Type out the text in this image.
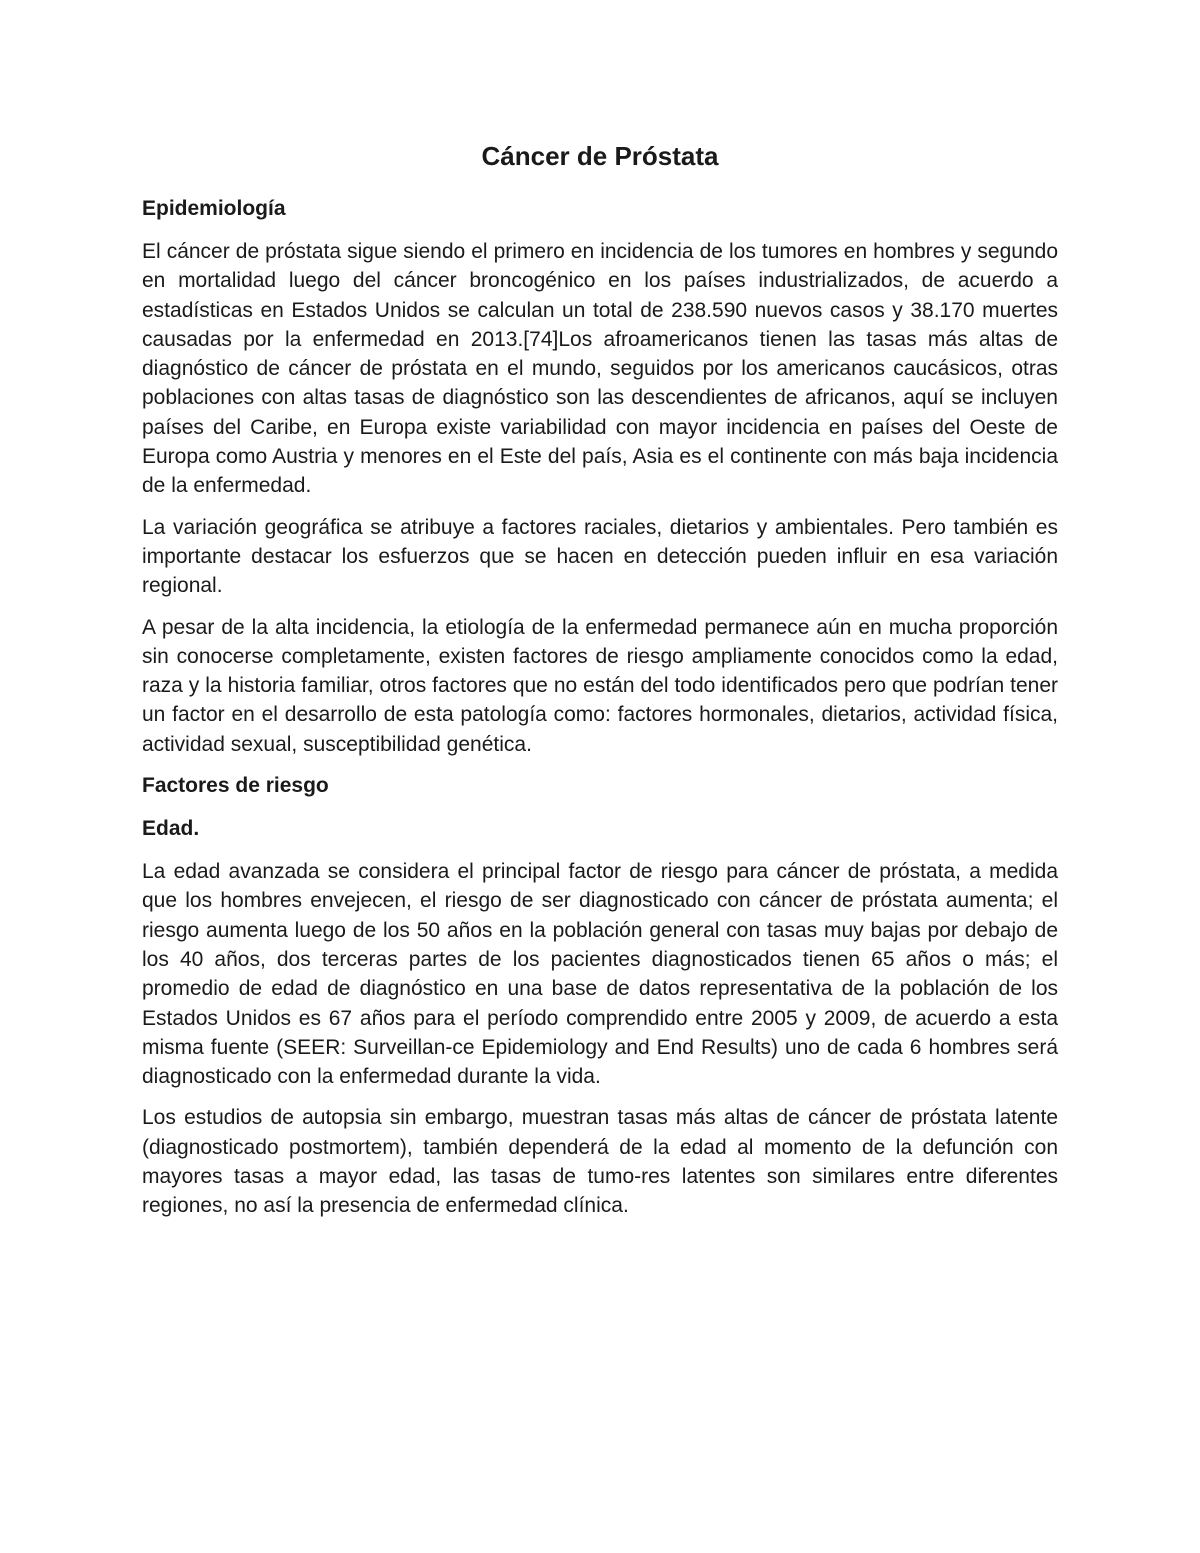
Cáncer de Próstata
Epidemiología
El cáncer de próstata sigue siendo el primero en incidencia de los tumores en hombres y segundo en mortalidad luego del cáncer broncogénico en los países industrializados, de acuerdo a estadísticas en Estados Unidos se calculan un total de 238.590 nuevos casos y 38.170 muertes causadas por la enfermedad en 2013.[74]Los afroamericanos tienen las tasas más altas de diagnóstico de cáncer de próstata en el mundo, seguidos por los americanos caucásicos, otras poblaciones con altas tasas de diagnóstico son las descendientes de africanos, aquí se incluyen países del Caribe, en Europa existe variabilidad con mayor incidencia en países del Oeste de Europa como Austria y menores en el Este del país, Asia es el continente con más baja incidencia de la enfermedad.
La variación geográfica se atribuye a factores raciales, dietarios y ambientales. Pero también es importante destacar los esfuerzos que se hacen en detección pueden influir en esa variación regional.
A pesar de la alta incidencia, la etiología de la enfermedad permanece aún en mucha proporción sin conocerse completamente, existen factores de riesgo ampliamente conocidos como la edad, raza y la historia familiar, otros factores que no están del todo identificados pero que podrían tener un factor en el desarrollo de esta patología como: factores hormonales, dietarios, actividad física, actividad sexual, susceptibilidad genética.
Factores de riesgo
Edad.
La edad avanzada se considera el principal factor de riesgo para cáncer de próstata, a medida que los hombres envejecen, el riesgo de ser diagnosticado con cáncer de próstata aumenta; el riesgo aumenta luego de los 50 años en la población general con tasas muy bajas por debajo de los 40 años, dos terceras partes de los pacientes diagnosticados tienen 65 años o más; el promedio de edad de diagnóstico en una base de datos representativa de la población de los Estados Unidos es 67 años para el período comprendido entre 2005 y 2009, de acuerdo a esta misma fuente (SEER: Surveillan-ce Epidemiology and End Results) uno de cada 6 hombres será diagnosticado con la enfermedad durante la vida.
Los estudios de autopsia sin embargo, muestran tasas más altas de cáncer de próstata latente (diagnosticado postmortem), también dependerá de la edad al momento de la defunción con mayores tasas a mayor edad, las tasas de tumo-res latentes son similares entre diferentes regiones, no así la presencia de enfermedad clínica.
